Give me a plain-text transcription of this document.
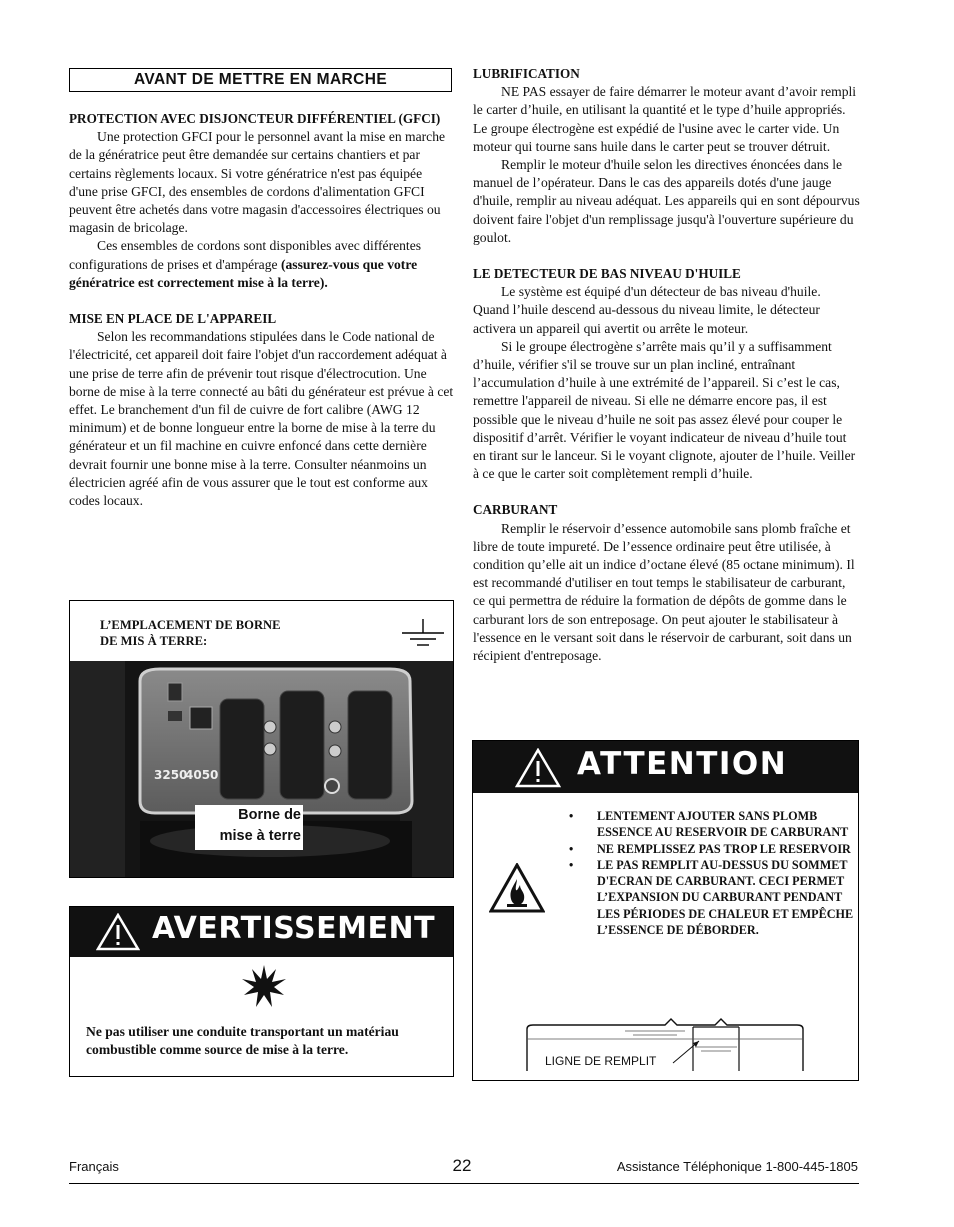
AVANT DE METTRE EN MARCHE
PROTECTION AVEC DISJONCTEUR DIFFÉRENTIEL (GFCI)

Une protection GFCI pour le personnel avant la mise en marche de la génératrice peut être demandée sur certains chantiers et par certains règlements locaux. Si votre génératrice n'est pas équipée d'une prise GFCI, des ensembles de cordons d'alimentation GFCI peuvent être achetés dans votre magasin d'accessoires électriques ou magasin de bricolage.

Ces ensembles de cordons sont disponibles avec différentes configurations de prises et d'ampérage (assurez-vous que votre génératrice est correctement mise à la terre).

MISE EN PLACE DE L'APPAREIL

Selon les recommandations stipulées dans le Code national de l'électricité, cet appareil doit faire l'objet d'un raccordement adéquat à une prise de terre afin de prévenir tout risque d'électrocution. Une borne de mise à la terre connecté au bâti du générateur est prévue à cet effet. Le branchement d'un fil de cuivre de fort calibre (AWG 12 minimum) et de bonne longueur entre la borne de mise à la terre du générateur et un fil machine en cuivre enfoncé dans cette dernière devrait fournir une bonne mise à la terre. Consulter néanmoins un électricien agréé afin de vous assurer que le tout est conforme aux codes locaux.

L’EMPLACEMENT DE BORNE
DE MIS À TERRE:
3250
4050
Borne de
mise à terre
AVERTISSEMENT
Ne pas utiliser une conduite transportant un matériau combustible comme source de mise à la terre.
LUBRIFICATION

NE PAS essayer de faire démarrer le moteur avant d’avoir rempli le carter d’huile, en utilisant la quantité et le type d’huile appropriés. Le groupe électrogène est expédié de l'usine avec le carter vide. Un moteur qui tourne sans huile dans le carter peut se trouver détruit.

Remplir le moteur d'huile selon les directives énoncées dans le manuel de l’opérateur. Dans le cas des appareils dotés d'une jauge d'huile, remplir au niveau adéquat. Les appareils qui en sont dépourvus doivent faire l'objet d'un remplissage jusqu'à l'ouverture supérieure du goulot.

LE DETECTEUR DE BAS NIVEAU D'HUILE

Le système est équipé d'un détecteur de bas niveau d'huile. Quand l’huile descend au-dessous du niveau limite, le détecteur activera un appareil qui avertit ou arrête le moteur.

Si le groupe électrogène s’arrête mais qu’il y a suffisamment d’huile, vérifier s'il se trouve sur un plan incliné, entraînant l’accumulation d’huile à une extrémité de l’appareil. Si c’est le cas, remettre l'appareil de niveau. Si elle ne démarre encore pas, il est possible que le niveau d’huile ne soit pas assez élevé pour couper le dispositif d’arrêt. Vérifier le voyant indicateur de niveau d’huile tout en tirant sur le lanceur. Si le voyant clignote, ajouter de l’huile. Veiller à ce que le carter soit complètement rempli d’huile.

CARBURANT

Remplir le réservoir d’essence automobile sans plomb fraîche et libre de toute impureté. De l’essence ordinaire peut être utilisée, à condition qu’elle ait un indice d’octane élevé (85 octane minimum). Il est recommandé d'utiliser en tout temps le stabilisateur de carburant, ce qui permettra de réduire la formation de dépôts de gomme dans le carburant lors de son entreposage. On peut ajouter le stabilisateur à l'essence en le versant soit dans le réservoir de carburant, soit dans un récipient d'entreposage.

ATTENTION
• LENTEMENT AJOUTER SANS PLOMB ESSENCE AU RESERVOIR DE CARBURANT
• NE REMPLISSEZ PAS TROP LE RESERVOIR
• LE PAS REMPLIT AU-DESSUS DU SOMMET D'ECRAN DE CARBURANT. CECI PERMET L’EXPANSION DU CARBURANT PENDANT LES PÉRIODES DE CHALEUR ET EMPÊCHE L’ESSENCE DE DÉBORDER.
LIGNE DE REMPLIT
Français	22	Assistance Téléphonique 1-800-445-1805
